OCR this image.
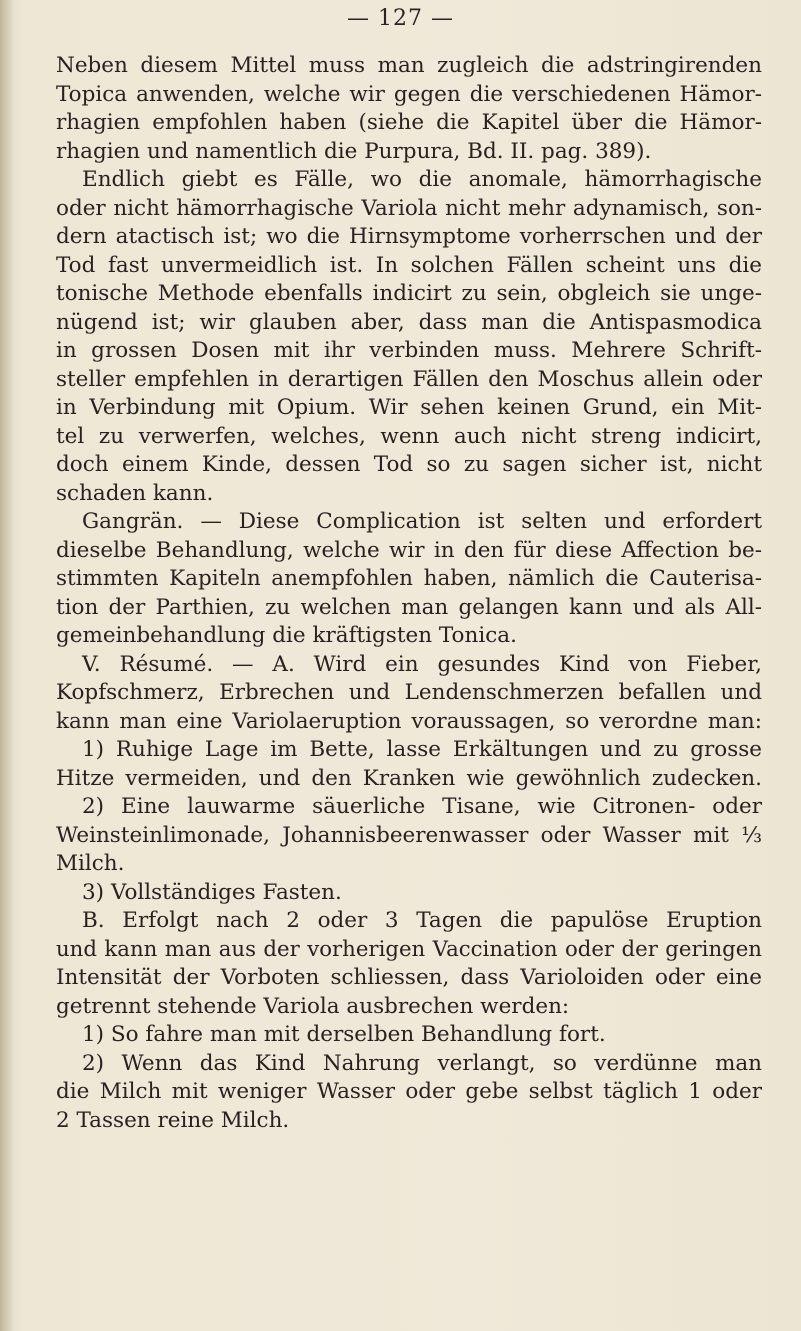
— 127 —
Neben diesem Mittel muss man zugleich die adstringirenden
Topica anwenden, welche wir gegen die verschiedenen Hämor-
rhagien empfohlen haben (siehe die Kapitel über die Hämor-
rhagien und namentlich die Purpura, Bd. II. pag. 389).
Endlich giebt es Fälle, wo die anomale, hämorrhagische
oder nicht hämorrhagische Variola nicht mehr adynamisch, son-
dern atactisch ist; wo die Hirnsymptome vorherrschen und der
Tod fast unvermeidlich ist. In solchen Fällen scheint uns die
tonische Methode ebenfalls indicirt zu sein, obgleich sie unge-
nügend ist; wir glauben aber, dass man die Antispasmodica
in grossen Dosen mit ihr verbinden muss. Mehrere Schrift-
steller empfehlen in derartigen Fällen den Moschus allein oder
in Verbindung mit Opium. Wir sehen keinen Grund, ein Mit-
tel zu verwerfen, welches, wenn auch nicht streng indicirt,
doch einem Kinde, dessen Tod so zu sagen sicher ist, nicht
schaden kann.
Gangrän. — Diese Complication ist selten und erfordert
dieselbe Behandlung, welche wir in den für diese Affection be-
stimmten Kapiteln anempfohlen haben, nämlich die Cauterisa-
tion der Parthien, zu welchen man gelangen kann und als All-
gemeinbehandlung die kräftigsten Tonica.
V. Résumé. — A. Wird ein gesundes Kind von Fieber,
Kopfschmerz, Erbrechen und Lendenschmerzen befallen und
kann man eine Variolaeruption voraussagen, so verordne man:
1) Ruhige Lage im Bette, lasse Erkältungen und zu grosse
Hitze vermeiden, und den Kranken wie gewöhnlich zudecken.
2) Eine lauwarme säuerliche Tisane, wie Citronen- oder
Weinsteinlimonade, Johannisbeerenwasser oder Wasser mit ⅓
Milch.
3) Vollständiges Fasten.
B. Erfolgt nach 2 oder 3 Tagen die papulöse Eruption
und kann man aus der vorherigen Vaccination oder der geringen
Intensität der Vorboten schliessen, dass Varioloiden oder eine
getrennt stehende Variola ausbrechen werden:
1) So fahre man mit derselben Behandlung fort.
2) Wenn das Kind Nahrung verlangt, so verdünne man
die Milch mit weniger Wasser oder gebe selbst täglich 1 oder
2 Tassen reine Milch.
